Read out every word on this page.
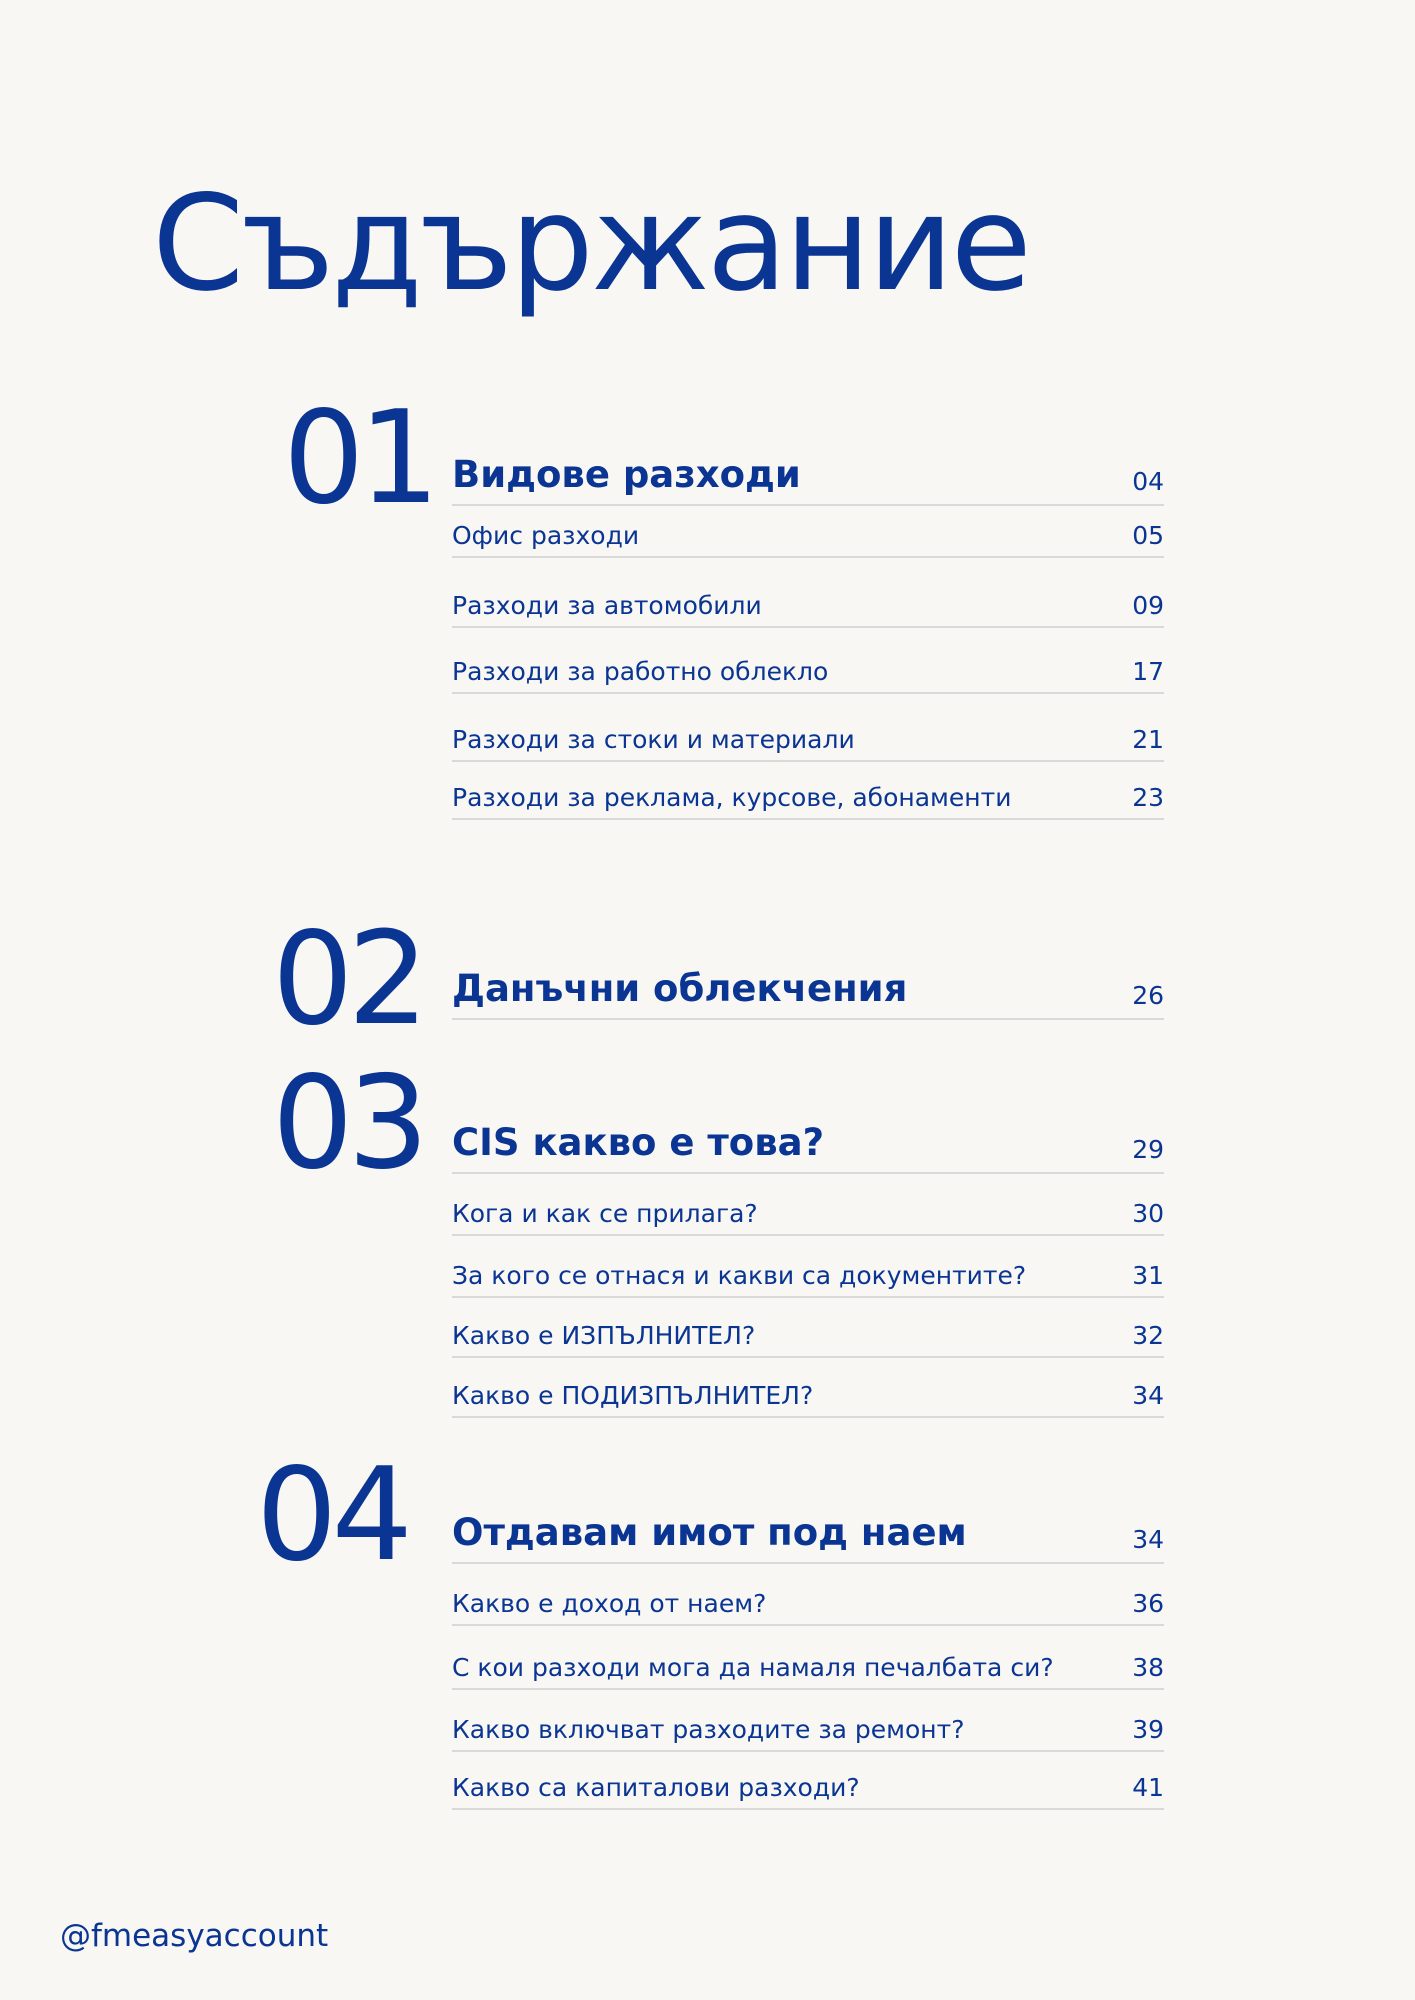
Съдържание
01 Видове разходи	04
Офис разходи	05
Разходи за автомобили	09
Разходи за работно облекло	17
Разходи за стоки и материали	21
Разходи за реклама, курсове, абонаменти	23
02 Данъчни облекчения	26
03 CIS какво е това?	29
Кога и как се прилага?	30
За кого се отнася и какви са документите?	31
Какво е ИЗПЪЛНИТЕЛ?	32
Какво е ПОДИЗПЪЛНИТЕЛ?	34
04 Отдавам имот под наем	34
Какво е доход от наем?	36
С кои разходи мога да намаля печалбата си?	38
Какво включват разходите за ремонт?	39
Какво са капиталови разходи?	41
@fmeasyaccount
